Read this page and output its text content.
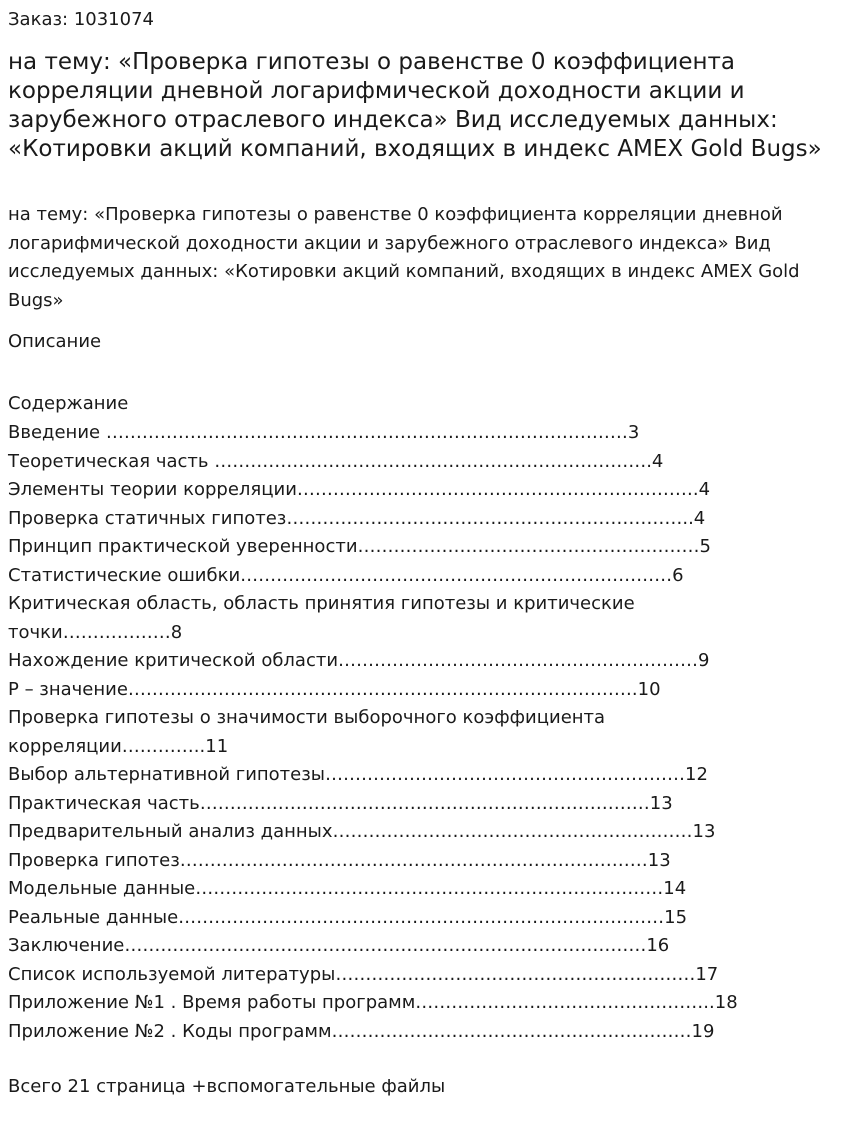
Заказ: 1031074
на тему: «Проверка гипотезы о равенстве 0 коэффициента корреляции дневной логарифмической доходности акции и зарубежного отраслевого индекса» Вид исследуемых данных: «Котировки акций компаний, входящих в индекс AMEX Gold Bugs»

на тему: «Проверка гипотезы о равенстве 0 коэффициента корреляции дневной логарифмической доходности акции и зарубежного отраслевого индекса» Вид исследуемых данных: «Котировки акций компаний, входящих в индекс AMEX Gold Bugs»

Описание
Содержание
Введение ……………………………………………………………………………3
Теоретическая часть ……………………………………………………………….4
Элементы теории корреляции………………………………………………………….4
Проверка статичных гипотез…………………………………………………………..4
Принцип практической уверенности…………………………………………………5
Статистические ошибки………………………………………………………………6
Критическая область, область принятия гипотезы и критические точки………………8
Нахождение критической области……………………………………………………9
P – значение………………………………………………………………………….10
Проверка гипотезы о значимости выборочного коэффициента корреляции…………..11
Выбор альтернативной гипотезы……………………………………………………12
Практическая часть…………………………………………………………………13
Предварительный анализ данных……………………………………………………13
Проверка гипотез……………………………………………………………………13
Модельные данные……………………………………………………………………14
Реальные данные………………………………………………………………………15
Заключение……………………………………………………………………………16
Список используемой литературы……………………………………………………17
Приложение №1 . Время работы программ…………………………………………..18
Приложение №2 . Коды программ……………………………………………………19
Всего 21 страница +вспомогательные файлы
